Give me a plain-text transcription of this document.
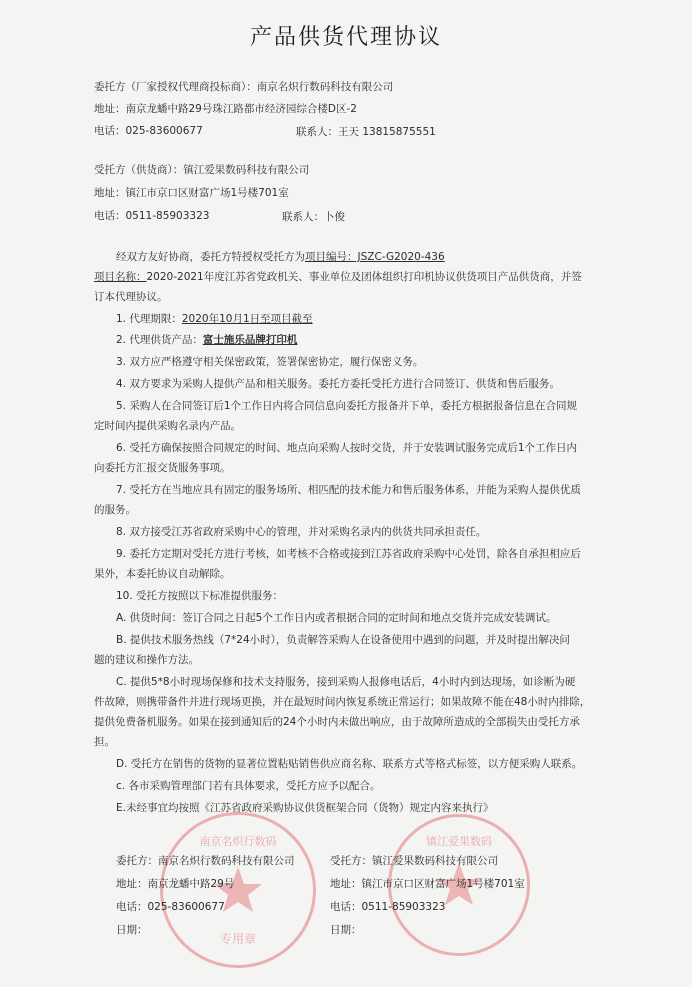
产品供货代理协议
委托方（厂家授权代理商投标商）：南京名炽行数码科技有限公司
地址：南京龙蟠中路29号珠江路都市经济园综合楼D区-2
电话：025-83600677	联系人：王天 13815875551
受托方（供货商）：镇江爱果数码科技有限公司
地址：镇江市京口区财富广场1号楼701室
电话：0511-85903323	联系人：卜俊
经双方友好协商，委托方特授权受托方为项目编号：JSZC-G2020-436
项目名称：2020-2021年度江苏省党政机关、事业单位及团体组织打印机协议供货项目产品供货商，并签
订本代理协议。
1. 代理期限：2020年10月1日至项目截至
2. 代理供货产品：富士施乐品牌打印机
3. 双方应严格遵守相关保密政策，签署保密协定，履行保密义务。
4. 双方要求为采购人提供产品和相关服务。委托方委托受托方进行合同签订、供货和售后服务。
5. 采购人在合同签订后1个工作日内将合同信息向委托方报备并下单，委托方根据报备信息在合同规
定时间内提供采购名录内产品。
6. 受托方确保按照合同规定的时间、地点向采购人按时交货，并于安装调试服务完成后1个工作日内
向委托方汇报交货服务事项。
7. 受托方在当地应具有固定的服务场所、相匹配的技术能力和售后服务体系，并能为采购人提供优质
的服务。
8. 双方接受江苏省政府采购中心的管理，并对采购名录内的供货共同承担责任。
9. 委托方定期对受托方进行考核，如考核不合格或接到江苏省政府采购中心处罚，除各自承担相应后
果外，本委托协议自动解除。
10. 受托方按照以下标准提供服务：
A. 供货时间：签订合同之日起5个工作日内或者根据合同的定时间和地点交货并完成安装调试。
B. 提供技术服务热线（7*24小时），负责解答采购人在设备使用中遇到的问题，并及时提出解决问
题的建议和操作方法。
C. 提供5*8小时现场保修和技术支持服务，接到采购人报修电话后，4小时内到达现场，如诊断为硬
件故障，则携带备件并进行现场更换，并在最短时间内恢复系统正常运行；如果故障不能在48小时内排除，
提供免费备机服务。如果在接到通知后的24个小时内未做出响应，由于故障所造成的全部损失由受托方承
担。
D. 受托方在销售的货物的显著位置粘贴销售供应商名称、联系方式等格式标签，以方便采购人联系。
c. 各市采购管理部门若有具体要求，受托方应予以配合。
E.未经事宜均按照《江苏省政府采购协议供货框架合同（货物）规定内容来执行》
南京名炽行数码
专用章
镇江爱果数码
委托方：南京名炽行数码科技有限公司
地址：南京龙蟠中路29号
电话：025-83600677
日期：
受托方：镇江爱果数码科技有限公司
地址：镇江市京口区财富广场1号楼701室
电话：0511-85903323
日期：
